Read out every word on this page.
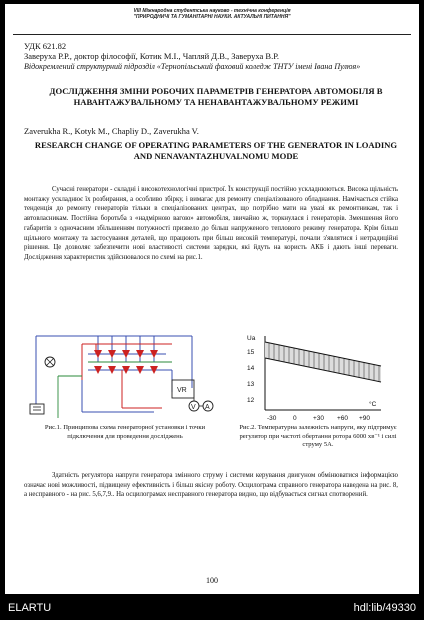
VIII Міжнародна студентська науково - технічна конференція
"ПРИРОДНИЧІ ТА ГУМАНІТАРНІ НАУКИ. АКТУАЛЬНІ ПИТАННЯ"
УДК 621.82
Заверуха Р.Р., доктор філософії, Котик М.І., Чапляй Д.В., Заверуха В.Р.
Відокремлений структурний підрозділ «Тернопільський фаховий коледж ТНТУ імені Івана Пулюя»
ДОСЛІДЖЕННЯ ЗМІНИ РОБОЧИХ ПАРАМЕТРІВ ГЕНЕРАТОРА АВТОМОБІЛЯ В НАВАНТАЖУВАЛЬНОМУ ТА НЕНАВАНТАЖУВАЛЬНОМУ РЕЖИМІ
Zaverukha R., Kotyk M., Chapliy D., Zaverukha V.
RESEARCH CHANGE OF OPERATING PARAMETERS OF THE GENERATOR IN LOADING AND NENAVANTAZHUVALNOMU MODE
Сучасні генератори - складні і високотехнологічні пристрої. Їх конструкції постійно ускладнюються. Висока щільність монтажу ускладнює їх розбирання, а особливо збірку, і вимагає для ремонту спеціалізованого обладнання. Намічається стійка тенденція до ремонту генераторів тільки в спеціалізованих центрах, що потрібно мати на увазі як ремонтникам, так і автовласникам. Постійна боротьба з «надмірною вагою» автомобіля, звичайно ж, торкнулася і генераторів. Зменшення його габаритів з одночасним збільшенням потужності призвело до більш напруженого теплового режиму генератора. Крім більш щільного монтажу та застосування деталей, що працюють при більш високій температурі, почали з'являтися і нетрадиційні рішення. Це дозволяє забезпечити нові властивості системи зарядки, які йдуть на користь АКБ і дають інші переваги. Дослідження характеристик здійснювалося по схемі на рис.1.
VR
V A
Рис.1. Принципова схема генераторної установки і точки підключення для проведення досліджень
Ua
15
14
13
12
-30	0	+30 +60 +90
°C
Рис.2. Температурна залежність напруги, яку підтримує регулятор при частоті обертання ротора 6000 хв⁻¹ і силі струму 5А.
Здатність регулятора напруги генератора змінного струму і системи керування двигуном обмінюватися інформацією означає нові можливості, підвищену ефективність і більш якісну роботу. Осцилограма справного генератора наведена на рис. 8, а несправного - на рис. 5,6,7,9.. На осцилограмах несправного генератора видно, що відбувається сигнал спотворений.
100
ELARTU	hdl:lib/49330
